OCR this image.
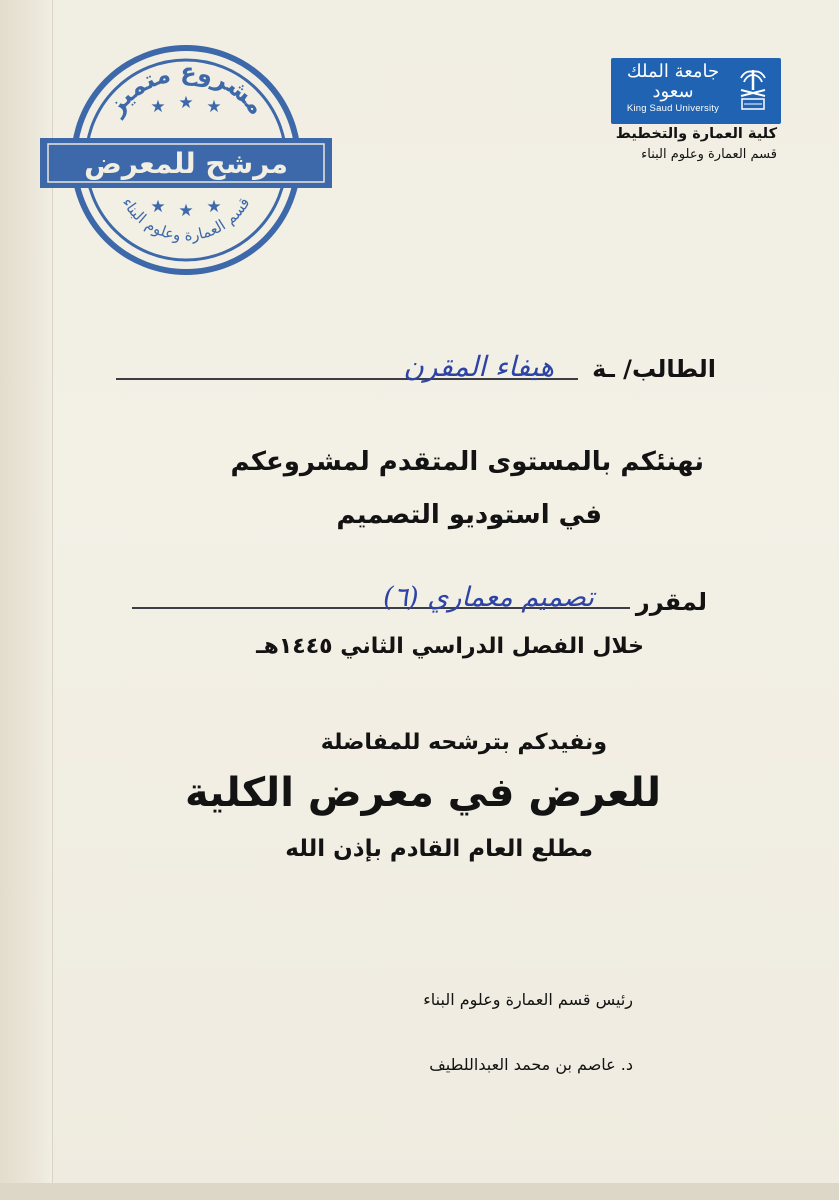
مشروع متميز
★ ★ ★
مرشح للمعرض
★ ★ ★
قسم العمارة وعلوم البناء
جامعة الملك سعود
King Saud University
كلية العمارة والتخطيط
قسم العمارة وعلوم البناء
الطالب/ ـة
هيفاء المقرن
نهنئكم بالمستوى المتقدم لمشروعكم
في استوديو التصميم
لمقرر
تصميم معماري (٦)
خلال الفصل الدراسي الثاني ١٤٤٥هـ
ونفيدكم بترشحه للمفاضلة
للعرض في معرض الكلية
مطلع العام القادم بإذن الله
رئيس قسم العمارة وعلوم البناء
د. عاصم بن محمد العبداللطيف
